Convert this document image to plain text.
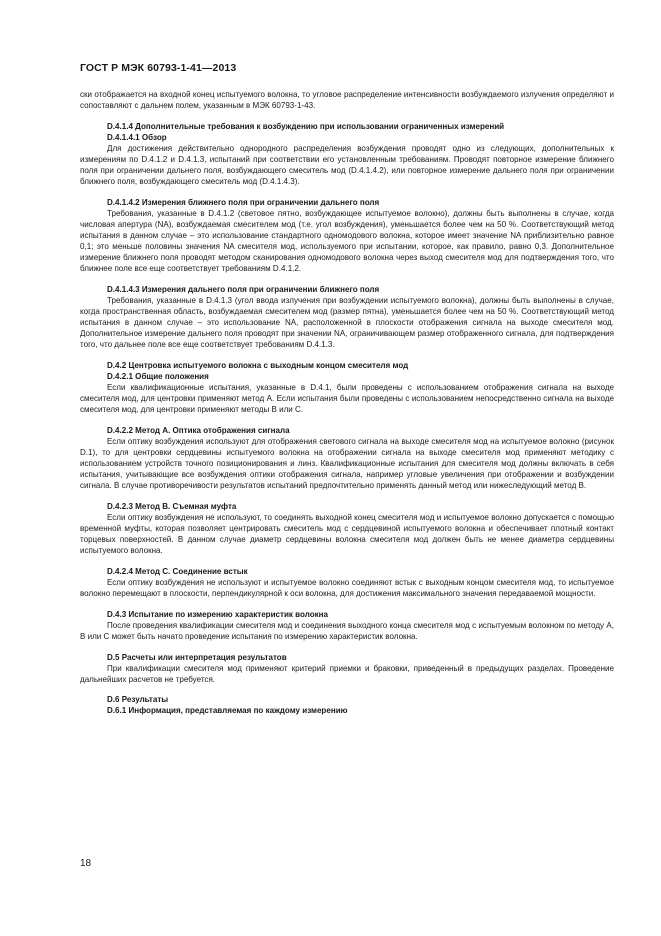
ГОСТ Р МЭК 60793-1-41—2013

ски отображается на входной конец испытуемого волокна, то угловое распределение интенсивности возбуждаемого излучения определяют и сопоставляют с дальнем полем, указанным в МЭК 60793-1-43.

D.4.1.4 Дополнительные требования к возбуждению при использовании ограниченных измерений
D.4.1.4.1 Обзор

Для достижения действительно однородного распределения возбуждения проводят одно из следующих, дополнительных к измерениям по D.4.1.2 и D.4.1.3, испытаний при соответствии его установленным требованиям. Проводят повторное измерение ближнего поля при ограничении дальнего поля, возбуждающего смеситель мод (D.4.1.4.2), или повторное измерение дальнего поля при ограничении ближнего поля, возбуждающего смеситель мод (D.4.1.4.3).

D.4.1.4.2 Измерения ближнего поля при ограничении дальнего поля

Требования, указанные в D.4.1.2 (световое пятно, возбуждающее испытуемое волокно), должны быть выполнены в случае, когда числовая апертура (NA), возбуждаемая смесителем мод (т.е. угол возбуждения), уменьшается более чем на 50 %. Соответствующий метод испытания в данном случае – это использование стандартного одномодового волокна, которое имеет значение NA приблизительно равное 0,1; это меньше половины значения NA смесителя мод, используемого при испытании, которое, как правило, равно 0,3. Дополнительное измерение ближнего поля проводят методом сканирования одномодового волокна через выход смесителя мод для подтверждения того, что ближнее поле все еще соответствует требованиям D.4.1.2.

D.4.1.4.3 Измерения дальнего поля при ограничении ближнего поля

Требования, указанные в D.4.1.3 (угол ввода излучения при возбуждении испытуемого волокна), должны быть выполнены в случае, когда пространственная область, возбуждаемая смесителем мод (размер пятна), уменьшается более чем на 50 %. Соответствующий метод испытания в данном случае – это использование NA, расположенной в плоскости отображения сигнала на выходе смесителя мод. Дополнительное измерение дальнего поля проводят при значении NA, ограничивающем размер отображенного сигнала, для подтверждения того, что дальнее поле все еще соответствует требованиям D.4.1.3.

D.4.2 Центровка испытуемого волокна с выходным концом смесителя мод
D.4.2.1 Общие положения

Если квалификационные испытания, указанные в D.4.1, были проведены с использованием отображения сигнала на выходе смесителя мод, для центровки применяют метод А. Если испытания были проведены с использованием непосредственно сигнала на выходе смесителя мод, для центровки применяют методы В или С.

D.4.2.2 Метод А. Оптика отображения сигнала

Если оптику возбуждения используют для отображения светового сигнала на выходе смесителя мод на испытуемое волокно (рисунок D.1), то для центровки сердцевины испытуемого волокна на отображении сигнала на выходе смесителя мод применяют методику с использованием устройств точного позиционирования и линз. Квалификационные испытания для смесителя мод должны включать в себя испытания, учитывающие все возбуждения оптики отображения сигнала, например угловые увеличения при отображении и возбуждении сигнала. В случае противоречивости результатов испытаний предпочтительно применять данный метод или нижеследующий метод В.

D.4.2.3 Метод В. Съемная муфта

Если оптику возбуждения не используют, то соединять выходной конец смесителя мод и испытуемое волокно допускается с помощью временной муфты, которая позволяет центрировать смеситель мод с сердцевиной испытуемого волокна и обеспечивает плотный контакт торцевых поверхностей. В данном случае диаметр сердцевины волокна смесителя мод должен быть не менее диаметра сердцевины испытуемого волокна.

D.4.2.4 Метод С. Соединение встык

Если оптику возбуждения не используют и испытуемое волокно соединяют встык с выходным концом смесителя мод, то испытуемое волокно перемещают в плоскости, перпендикулярной к оси волокна, для достижения максимального значения передаваемой мощности.

D.4.3 Испытание по измерению характеристик волокна

После проведения квалификации смесителя мод и соединения выходного конца смесителя мод с испытуемым волокном по методу А, В или С может быть начато проведение испытания по измерению характеристик волокна.

D.5 Расчеты или интерпретация результатов

При квалификации смесителя мод применяют критерий приемки и браковки, приведенный в предыдущих разделах. Проведение дальнейших расчетов не требуется.

D.6 Результаты
D.6.1 Информация, представляемая по каждому измерению
18
